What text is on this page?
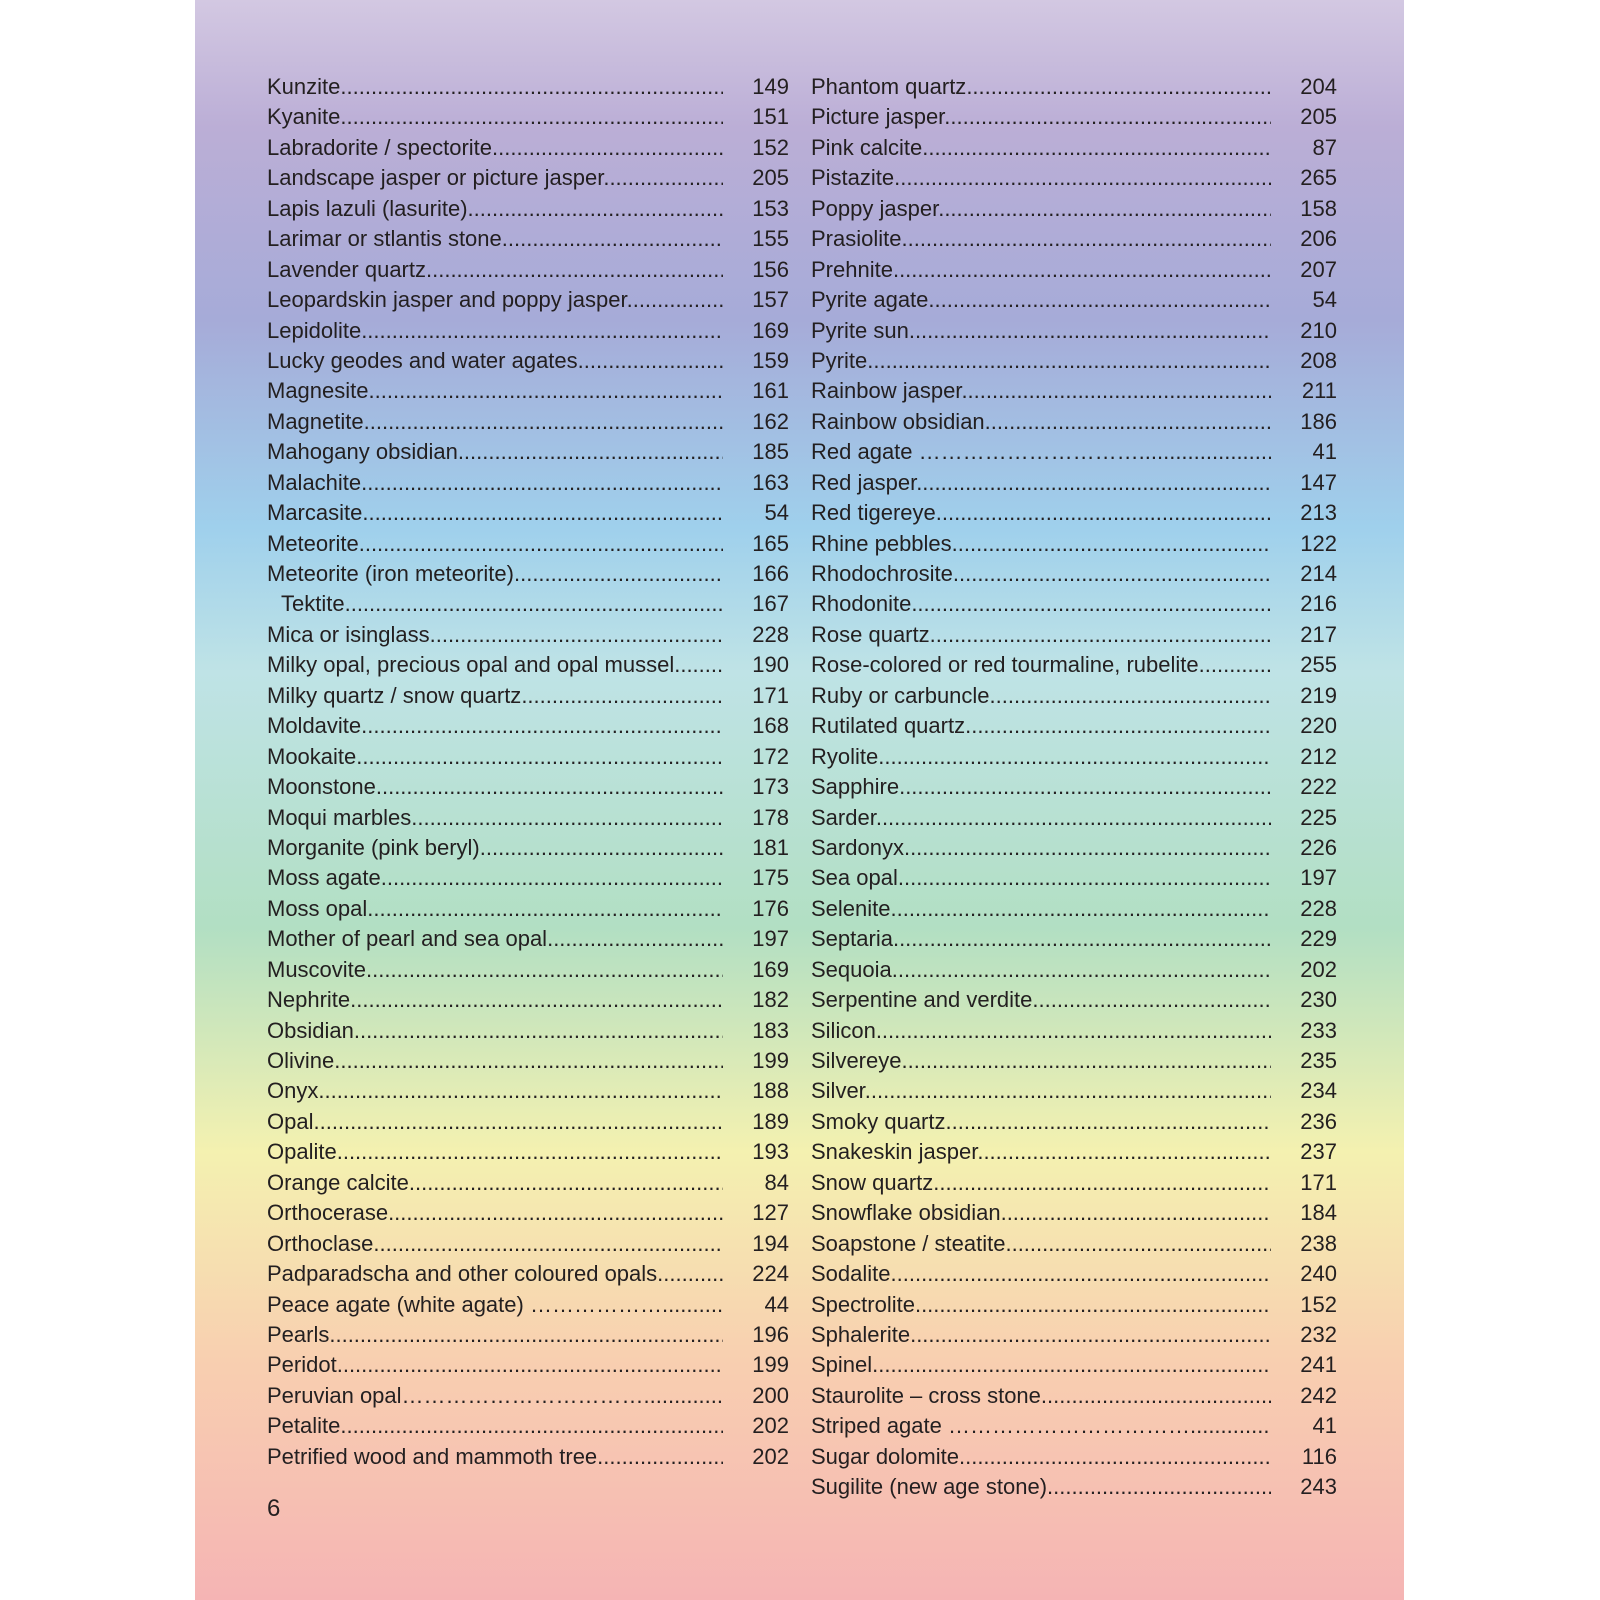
Kunzite .....	149
Kyanite .....	151
Labradorite / spectorite .....	152
Landscape jasper or picture jasper .....	205
Lapis lazuli (lasurite) .....	153
Larimar or stlantis stone .....	155
Lavender quartz .....	156
Leopardskin jasper and poppy jasper .....	157
Lepidolite .....	169
Lucky geodes and water agates .....	159
Magnesite .....	161
Magnetite .....	162
Mahogany obsidian .....	185
Malachite .....	163
Marcasite .....	54
Meteorite .....	165
Meteorite (iron meteorite) .....	166
Tektite .....	167
Mica or isinglass .....	228
Milky opal, precious opal and opal mussel .....	190
Milky quartz / snow quartz .....	171
Moldavite .....	168
Mookaite .....	172
Moonstone .....	173
Moqui marbles .....	178
Morganite (pink beryl) .....	181
Moss agate .....	175
Moss opal .....	176
Mother of pearl and sea opal .....	197
Muscovite .....	169
Nephrite .....	182
Obsidian .....	183
Olivine .....	199
Onyx .....	188
Opal .....	189
Opalite .....	193
Orange calcite .....	84
Orthocerase .....	127
Orthoclase .....	194
Padparadscha and other coloured opals .....	224
Peace agate (white agate) ……………… .....	44
Pearls .....	196
Peridot .....	199
Peruvian opal……………………………. .....	200
Petalite .....	202
Petrified wood and mammoth tree .....	202
Phantom quartz .....	204
Picture jasper .....	205
Pink calcite .....	87
Pistazite .....	265
Poppy jasper .....	158
Prasiolite .....	206
Prehnite .....	207
Pyrite agate .....	54
Pyrite sun .....	210
Pyrite .....	208
Rainbow jasper .....	211
Rainbow obsidian .....	186
Red agate ………………………… .....	41
Red jasper .....	147
Red tigereye .....	213
Rhine pebbles .....	122
Rhodochrosite .....	214
Rhodonite .....	216
Rose quartz .....	217
Rose-colored or red tourmaline, rubelite .....	255
Ruby or carbuncle .....	219
Rutilated quartz .....	220
Ryolite .....	212
Sapphire .....	222
Sarder .....	225
Sardonyx .....	226
Sea opal .....	197
Selenite .....	228
Septaria .....	229
Sequoia .....	202
Serpentine and verdite .....	230
Silicon .....	233
Silvereye .....	235
Silver .....	234
Smoky quartz .....	236
Snakeskin jasper .....	237
Snow quartz .....	171
Snowflake obsidian .....	184
Soapstone / steatite .....	238
Sodalite .....	240
Spectrolite .....	152
Sphalerite .....	232
Spinel .....	241
Staurolite – cross stone .....	242
Striped agate …………………………… .....	41
Sugar dolomite .....	116
Sugilite (new age stone) .....	243
6
